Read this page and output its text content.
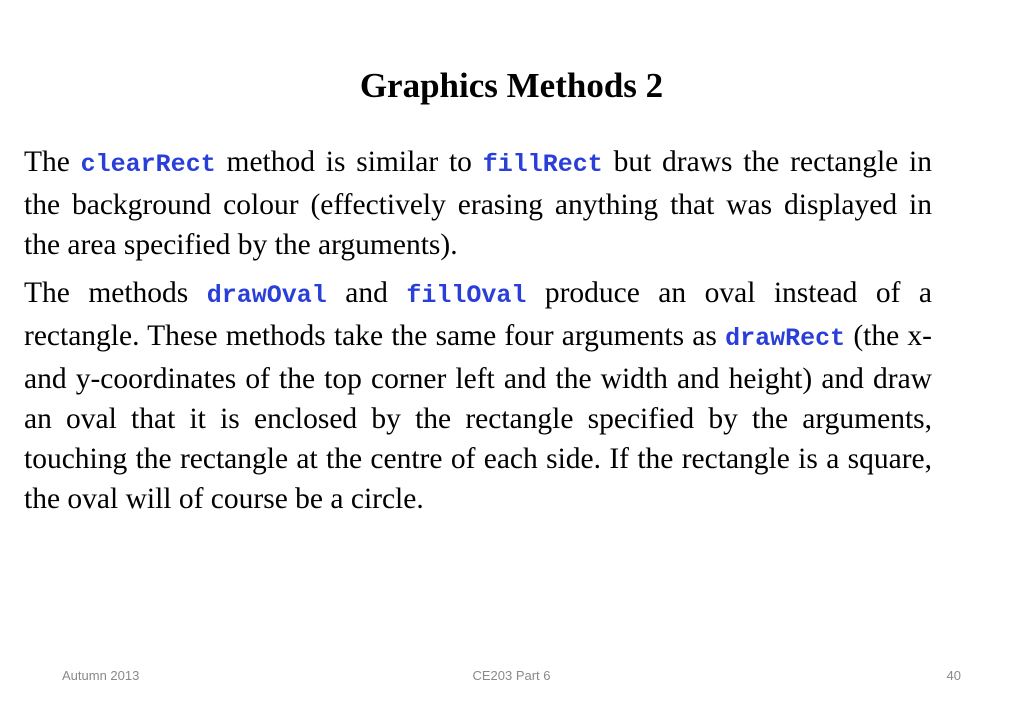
Graphics Methods 2

The clearRect method is similar to fillRect but draws the rectangle in the background colour (effectively erasing anything that was displayed in the area specified by the arguments).

The methods drawOval and fillOval produce an oval instead of a rectangle. These methods take the same four arguments as drawRect (the x- and y-coordinates of the top corner left and the width and height) and draw an oval that it is enclosed by the rectangle specified by the arguments, touching the rectangle at the centre of each side. If the rectangle is a square, the oval will of course be a circle.

Autumn 2013	CE203 Part 6	40
